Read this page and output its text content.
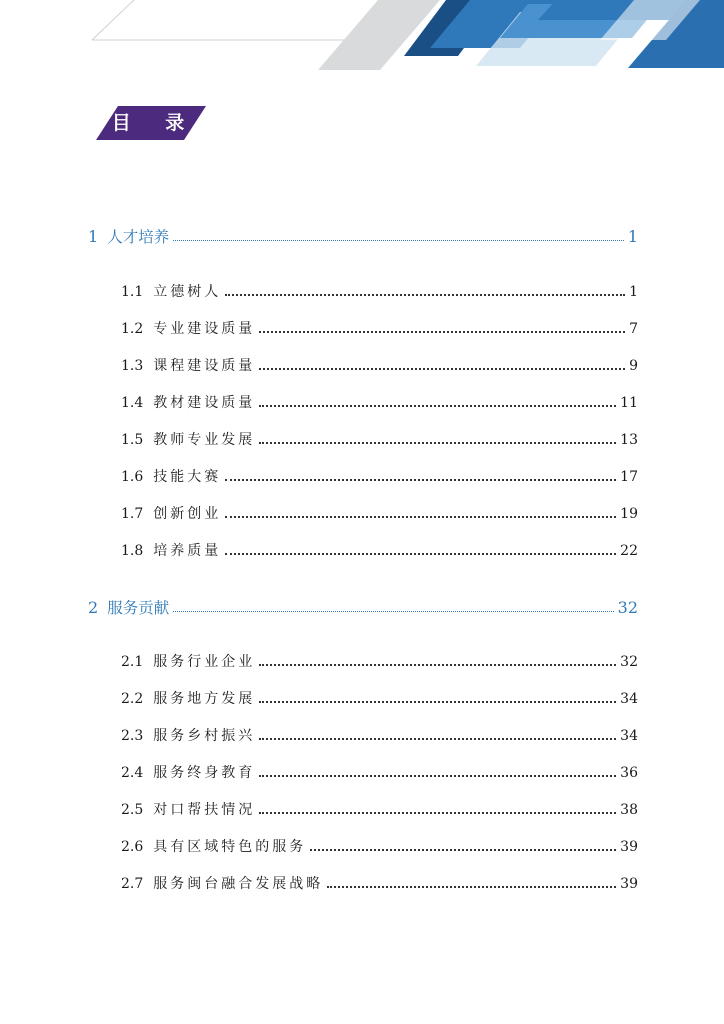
目 录
1 人才培养	1
1.1 立德树人	1
1.2 专业建设质量	7
1.3 课程建设质量	9
1.4 教材建设质量	11
1.5 教师专业发展	13
1.6 技能大赛	17
1.7 创新创业	19
1.8 培养质量	22
2 服务贡献	32
2.1 服务行业企业	32
2.2 服务地方发展	34
2.3 服务乡村振兴	34
2.4 服务终身教育	36
2.5 对口帮扶情况	38
2.6 具有区域特色的服务	39
2.7 服务闽台融合发展战略	39
